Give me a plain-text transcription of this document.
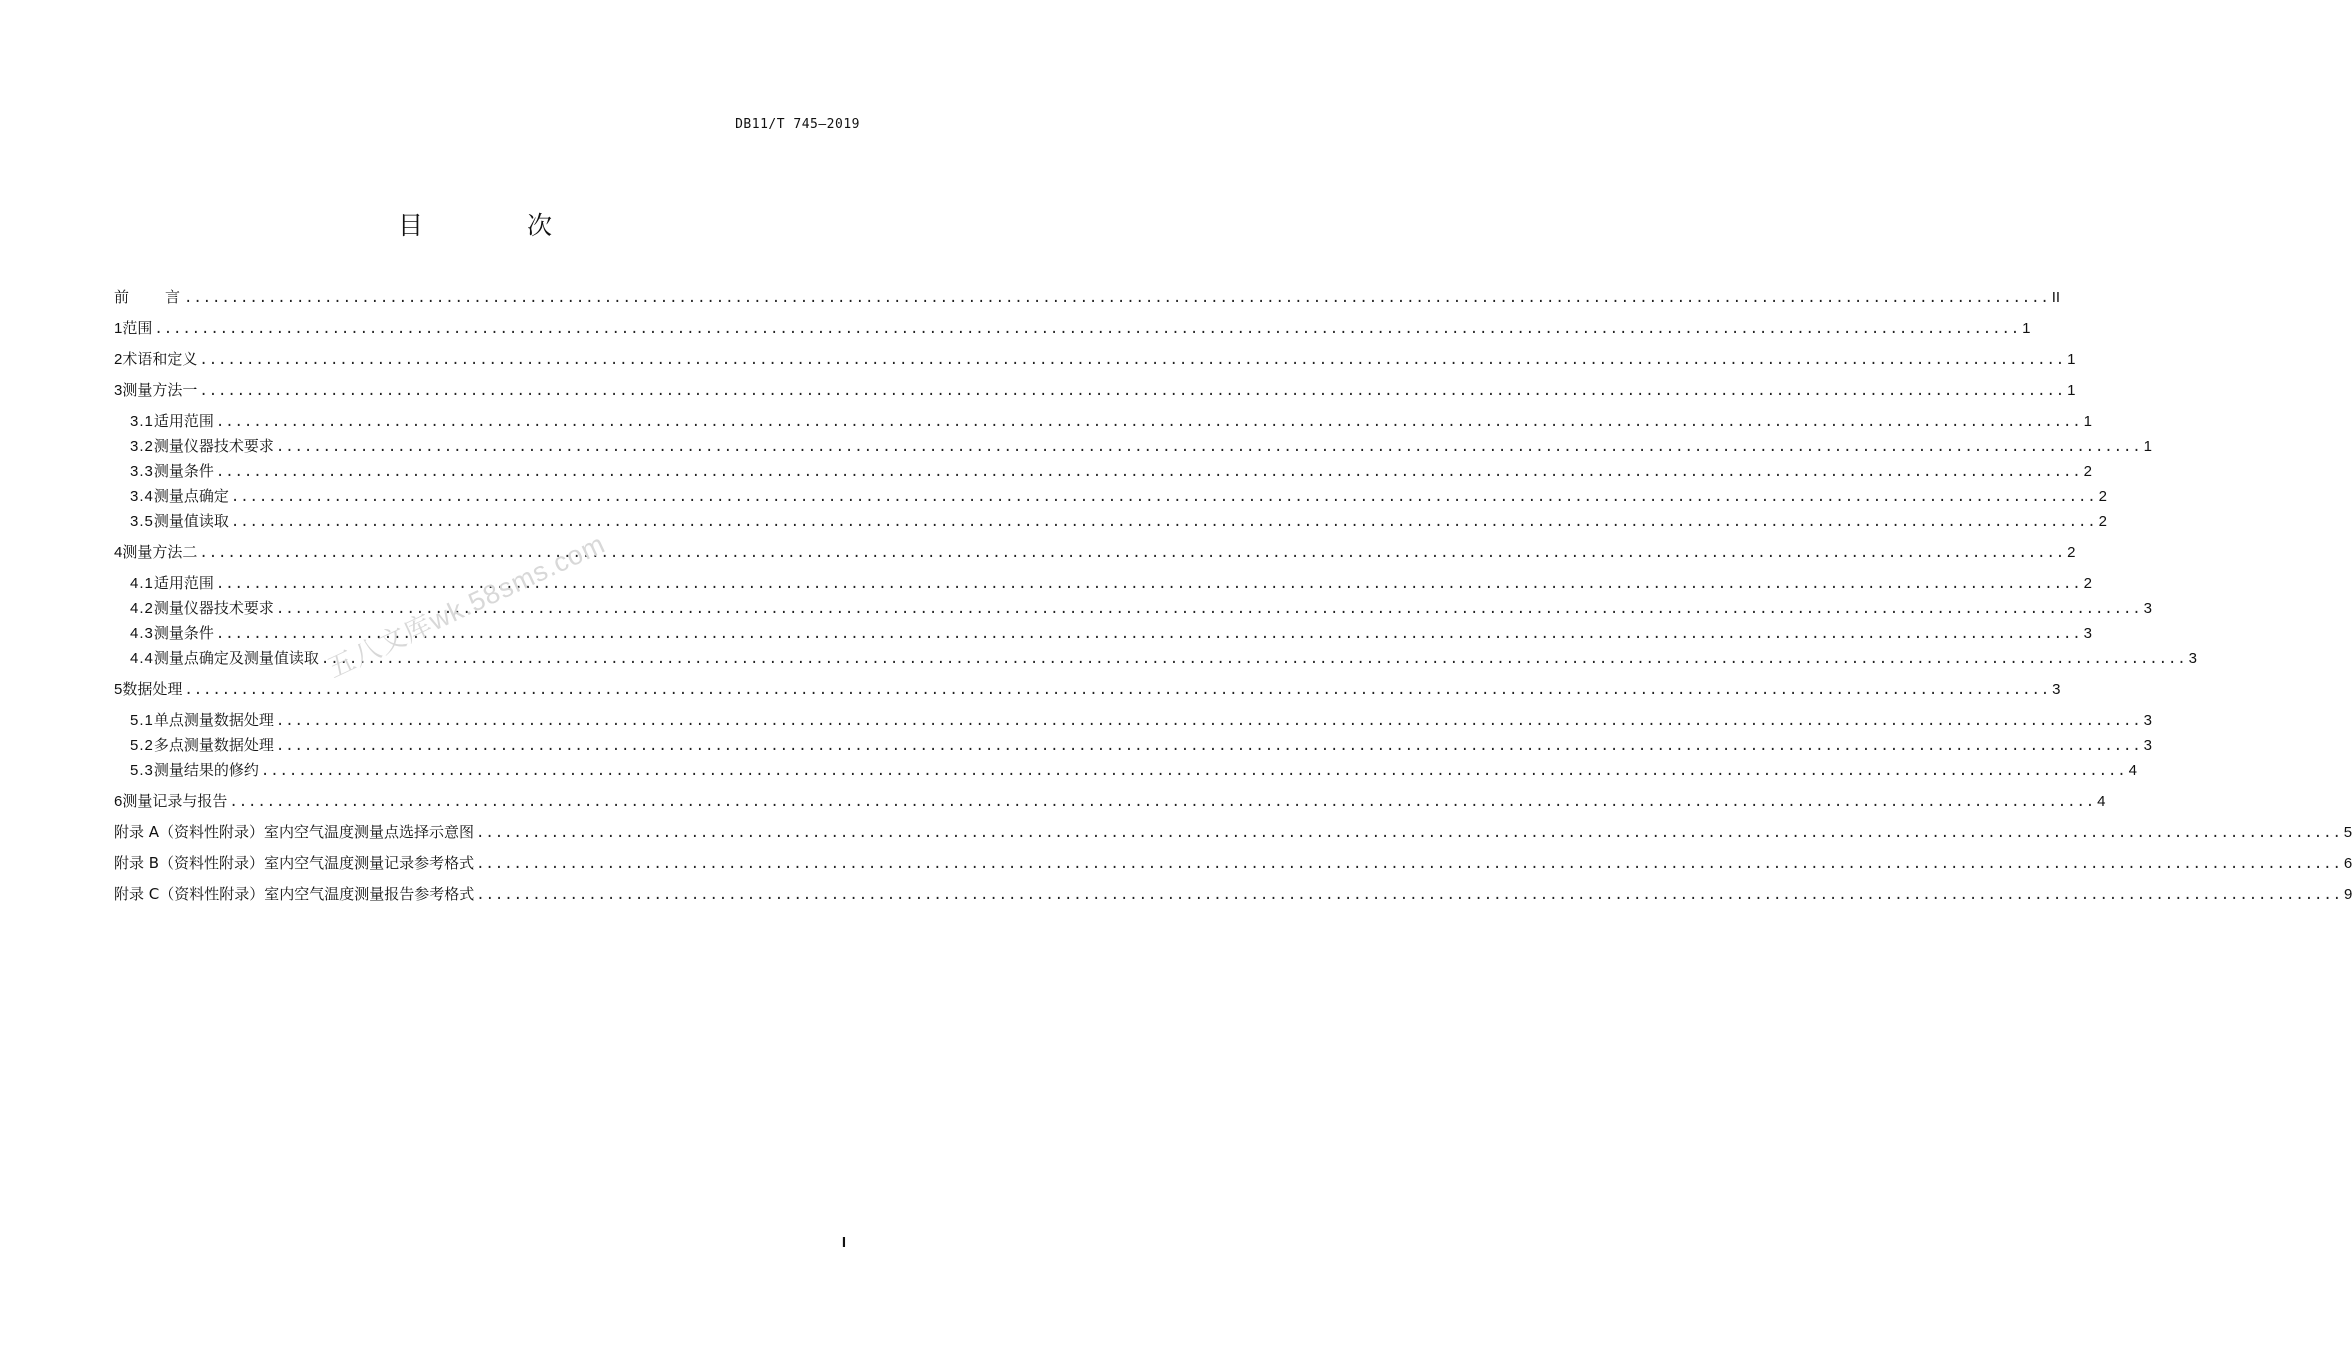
DB11/T 745—2019
目 次
前　　言 ........................................................................................................................................................................................................ II
1 范围 ........................................................................................................................................................................................................ 1
2 术语和定义 ........................................................................................................................................................................................................ 1
3 测量方法一 ........................................................................................................................................................................................................ 1
3.1 适用范围 ........................................................................................................................................................................................................ 1
3.2 测量仪器技术要求 ........................................................................................................................................................................................................ 1
3.3 测量条件 ........................................................................................................................................................................................................ 2
3.4 测量点确定 ........................................................................................................................................................................................................ 2
3.5 测量值读取 ........................................................................................................................................................................................................ 2
4 测量方法二 ........................................................................................................................................................................................................ 2
4.1 适用范围 ........................................................................................................................................................................................................ 2
4.2 测量仪器技术要求 ........................................................................................................................................................................................................ 3
4.3 测量条件 ........................................................................................................................................................................................................ 3
4.4 测量点确定及测量值读取 ........................................................................................................................................................................................................ 3
5 数据处理 ........................................................................................................................................................................................................ 3
5.1 单点测量数据处理 ........................................................................................................................................................................................................ 3
5.2 多点测量数据处理 ........................................................................................................................................................................................................ 3
5.3 测量结果的修约 ........................................................................................................................................................................................................ 4
6 测量记录与报告 ........................................................................................................................................................................................................ 4
附录 A（资料性附录） 室内空气温度测量点选择示意图 ........................................................................................................................................................................................................ 5
附录 B（资料性附录） 室内空气温度测量记录参考格式 ........................................................................................................................................................................................................ 6
附录 C（资料性附录） 室内空气温度测量报告参考格式 ........................................................................................................................................................................................................ 9
五八文库wk.58sms.com
I
